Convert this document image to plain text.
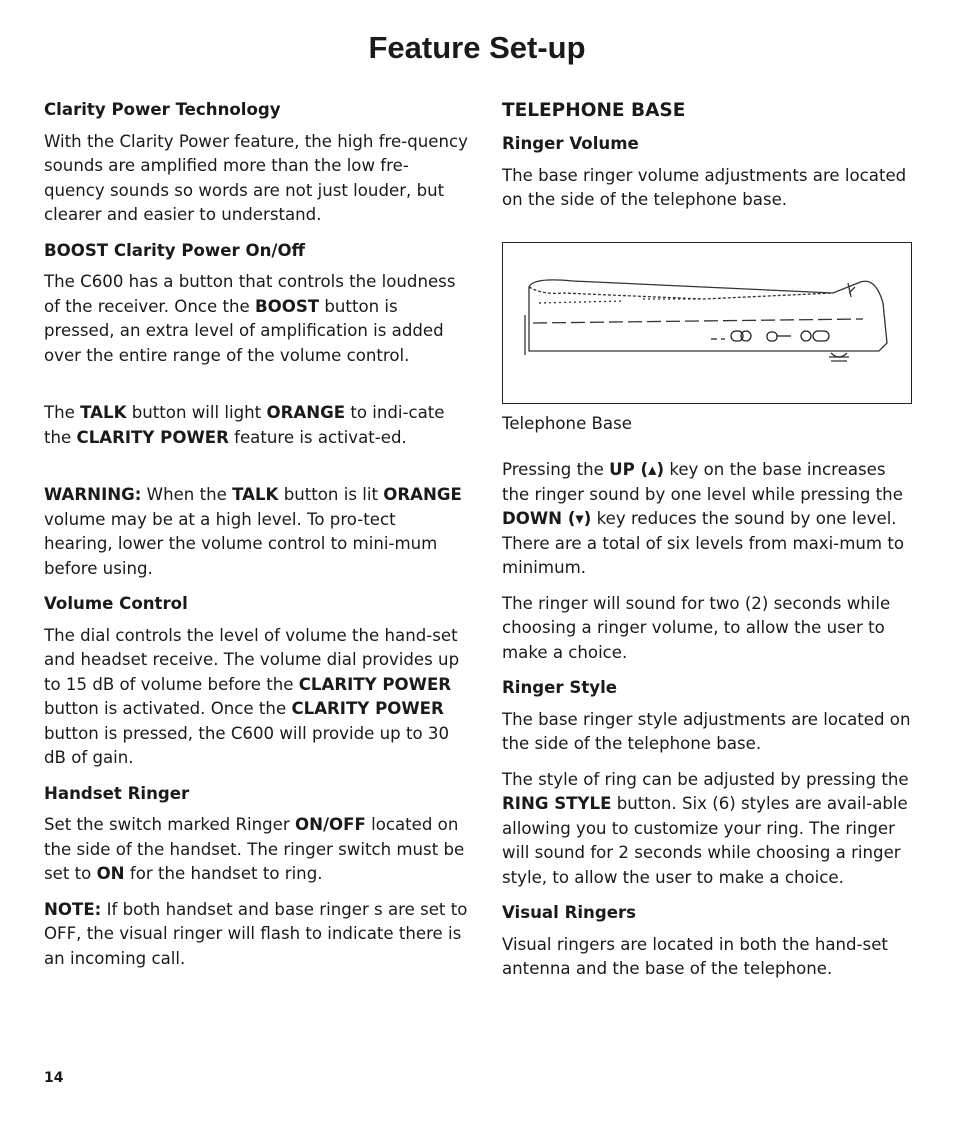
Feature Set-up
Clarity Power Technology

With the Clarity Power feature, the high fre-quency sounds are amplified more than the low fre-quency sounds so words are not just louder, but clearer and easier to understand.

BOOST Clarity Power On/Off

The C600 has a button that controls the loudness of the receiver. Once the BOOST button is pressed, an extra level of amplification is added over the entire range of the volume control.

The TALK button will light ORANGE to indi-cate the CLARITY POWER feature is activat-ed.

WARNING: When the TALK button is lit ORANGE volume may be at a high level. To pro-tect hearing, lower the volume control to mini-mum before using.

Volume Control

The dial controls the level of volume the hand-set and headset receive. The volume dial provides up to 15 dB of volume before the CLARITY POWER button is activated. Once the CLARITY POWER button is pressed, the C600 will provide up to 30 dB of gain.

Handset Ringer

Set the switch marked Ringer ON/OFF located on the side of the handset. The ringer switch must be set to ON for the handset to ring.

NOTE: If both handset and base ringer s are set to OFF, the visual ringer will flash to indicate there is an incoming call.

TELEPHONE BASE
Ringer Volume

The base ringer volume adjustments are located on the side of the telephone base.

Telephone Base

Pressing the UP (▴) key on the base increases the ringer sound by one level while pressing the DOWN (▾) key reduces the sound by one level. There are a total of six levels from maxi-mum to minimum.

The ringer will sound for two (2) seconds while choosing a ringer volume, to allow the user to make a choice.

Ringer Style

The base ringer style adjustments are located on the side of the telephone base.

The style of ring can be adjusted by pressing the RING STYLE button. Six (6) styles are avail-able allowing you to customize your ring. The ringer will sound for 2 seconds while choosing a ringer style, to allow the user to make a choice.

Visual Ringers

Visual ringers are located in both the hand-set antenna and the base of the telephone.

14
